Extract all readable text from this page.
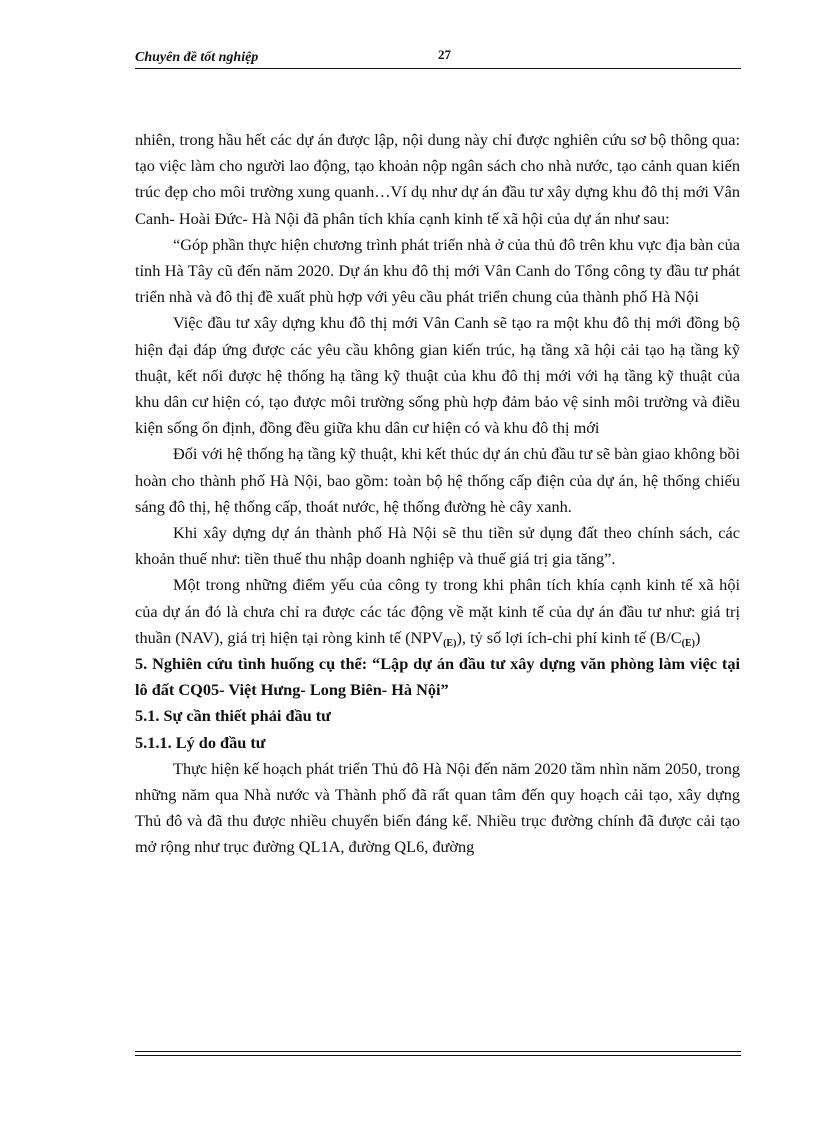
Chuyên đề tốt nghiệp	27

nhiên, trong hầu hết các dự án được lập, nội dung này chỉ được nghiên cứu sơ bộ thông qua: tạo việc làm cho người lao động, tạo khoản nộp ngân sách cho nhà nước, tạo cảnh quan kiến trúc đẹp cho môi trường xung quanh…Ví dụ như dự án đầu tư xây dựng khu đô thị mới Vân Canh- Hoài Đức- Hà Nội đã phân tích khía cạnh kinh tế xã hội của dự án như sau:

“Góp phần thực hiện chương trình phát triển nhà ở của thủ đô trên khu vực địa bàn của tỉnh Hà Tây cũ đến năm 2020. Dự án khu đô thị mới Vân Canh do Tổng công ty đầu tư phát triển nhà và đô thị đề xuất phù hợp với yêu cầu phát triển chung của thành phố Hà Nội

Việc đầu tư xây dựng khu đô thị mới Vân Canh sẽ tạo ra một khu đô thị mới đồng bộ hiện đại đáp ứng được các yêu cầu không gian kiến trúc, hạ tầng xã hội cải tạo hạ tầng kỹ thuật, kết nối được hệ thống hạ tầng kỹ thuật của khu đô thị mới với hạ tầng kỹ thuật của khu dân cư hiện có, tạo được môi trường sống phù hợp đảm bảo vệ sinh môi trường và điều kiện sống ổn định, đồng đều giữa khu dân cư hiện có và khu đô thị mới

Đối với hệ thống hạ tầng kỹ thuật, khi kết thúc dự án chủ đầu tư sẽ bàn giao không bồi hoàn cho thành phố Hà Nội, bao gồm: toàn bộ hệ thống cấp điện của dự án, hệ thống chiếu sáng đô thị, hệ thống cấp, thoát nước, hệ thống đường hè cây xanh.

Khi xây dựng dự án thành phố Hà Nội sẽ thu tiền sử dụng đất theo chính sách, các khoản thuế như: tiền thuế thu nhập doanh nghiệp và thuế giá trị gia tăng”.

Một trong những điểm yếu của công ty trong khi phân tích khía cạnh kinh tế xã hội của dự án đó là chưa chỉ ra được các tác động về mặt kinh tế của dự án đầu tư như: giá trị thuần (NAV), giá trị hiện tại ròng kinh tế $(NPV_{(E)})$, tỷ số lợi ích-chi phí kinh tế $(B/C_{(E)})$

5. Nghiên cứu tình huống cụ thể: “Lập dự án đầu tư xây dựng văn phòng làm việc tại lô đất CQ05- Việt Hưng- Long Biên- Hà Nội”

5.1. Sự cần thiết phải đầu tư

5.1.1. Lý do đầu tư

Thực hiện kế hoạch phát triển Thủ đô Hà Nội đến năm 2020 tầm nhìn năm 2050, trong những năm qua Nhà nước và Thành phố đã rất quan tâm đến quy hoạch cải tạo, xây dựng Thủ đô và đã thu được nhiều chuyển biến đáng kể. Nhiều trục đường chính đã được cải tạo mở rộng như trục đường QL1A, đường QL6, đường
